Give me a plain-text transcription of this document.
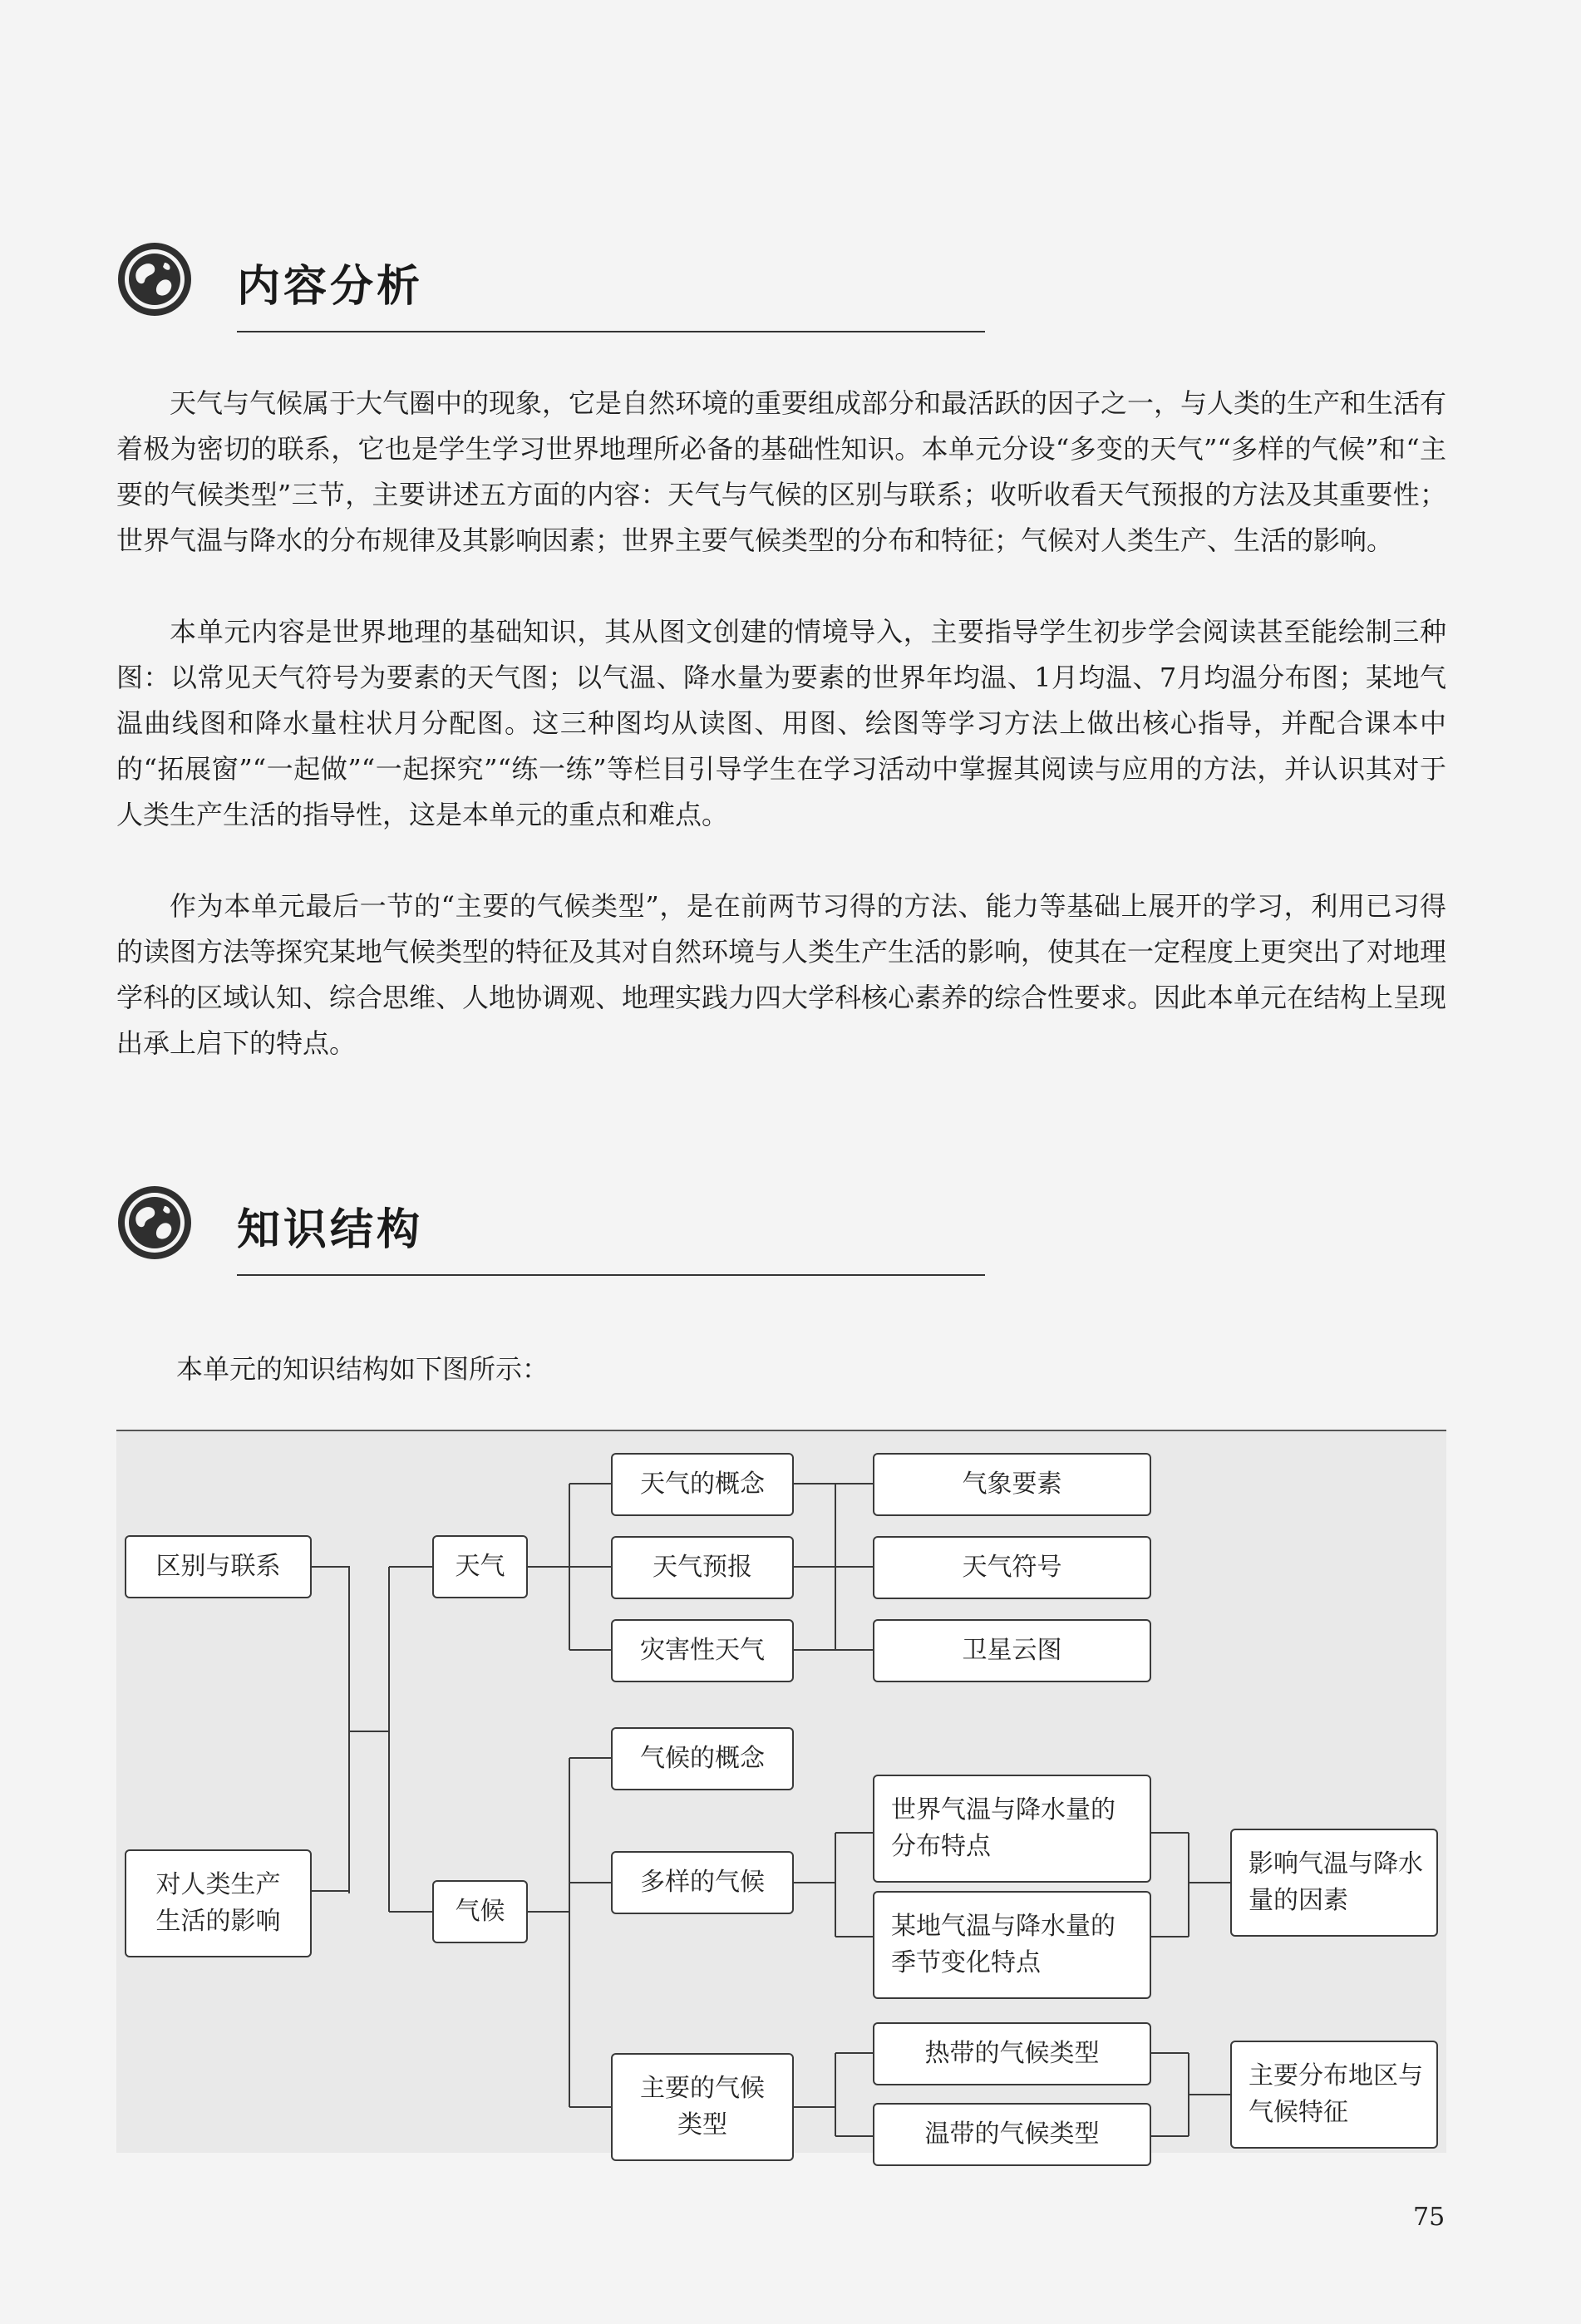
内容分析

天气与气候属于大气圈中的现象，它是自然环境的重要组成部分和最活跃的因子之一，与人类的生产和生活有着极为密切的联系，它也是学生学习世界地理所必备的基础性知识。本单元分设“多变的天气”“多样的气候”和“主要的气候类型”三节，主要讲述五方面的内容：天气与气候的区别与联系；收听收看天气预报的方法及其重要性；世界气温与降水的分布规律及其影响因素；世界主要气候类型的分布和特征；气候对人类生产、生活的影响。

本单元内容是世界地理的基础知识，其从图文创建的情境导入，主要指导学生初步学会阅读甚至能绘制三种图：以常见天气符号为要素的天气图；以气温、降水量为要素的世界年均温、1月均温、7月均温分布图；某地气温曲线图和降水量柱状月分配图。这三种图均从读图、用图、绘图等学习方法上做出核心指导，并配合课本中的“拓展窗”“一起做”“一起探究”“练一练”等栏目引导学生在学习活动中掌握其阅读与应用的方法，并认识其对于人类生产生活的指导性，这是本单元的重点和难点。

作为本单元最后一节的“主要的气候类型”，是在前两节习得的方法、能力等基础上展开的学习，利用已习得的读图方法等探究某地气候类型的特征及其对自然环境与人类生产生活的影响，使其在一定程度上更突出了对地理学科的区域认知、综合思维、人地协调观、地理实践力四大学科核心素养的综合性要求。因此本单元在结构上呈现出承上启下的特点。

知识结构
本单元的知识结构如下图所示：
区别与联系
对人类生产生活的影响
天气
气候
天气的概念
天气预报
灾害性天气
气象要素
天气符号
卫星云图
气候的概念
多样的气候
主要的气候类型
世界气温与降水量的分布特点
某地气温与降水量的季节变化特点
影响气温与降水量的因素
热带的气候类型
温带的气候类型
主要分布地区与气候特征
75
